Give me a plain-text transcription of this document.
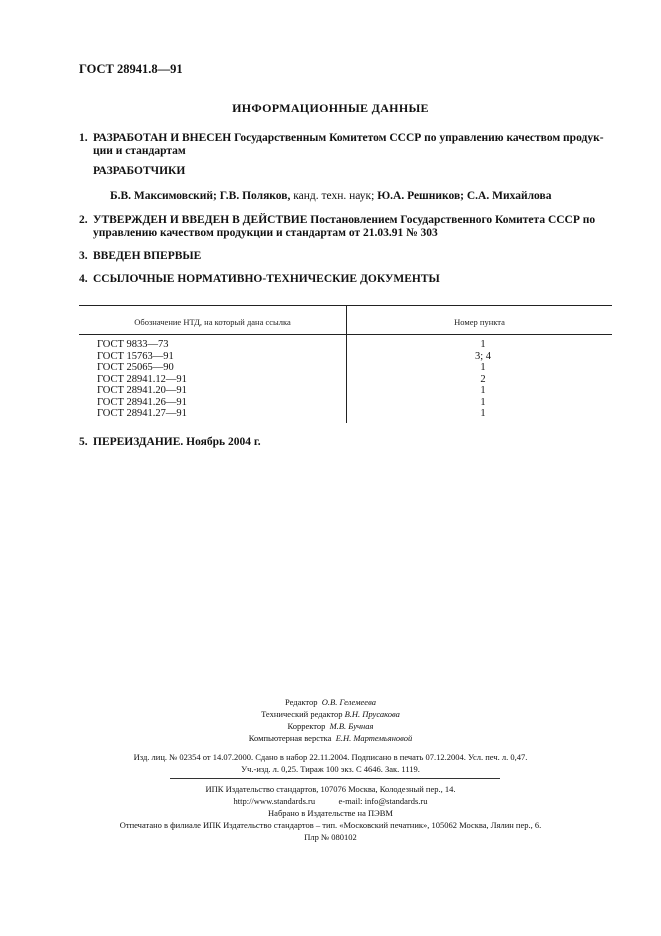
ГОСТ 28941.8—91
ИНФОРМАЦИОННЫЕ ДАННЫЕ
1. РАЗРАБОТАН И ВНЕСЕН Государственным Комитетом СССР по управлению качеством продук-
ции и стандартам
РАЗРАБОТЧИКИ
Б.В. Максимовский; Г.В. Поляков, канд. техн. наук; Ю.А. Решников; С.А. Михайлова
2. УТВЕРЖДЕН И ВВЕДЕН В ДЕЙСТВИЕ Постановлением Государственного Комитета СССР по
управлению качеством продукции и стандартам от 21.03.91 № 303
3. ВВЕДЕН ВПЕРВЫЕ
4. ССЫЛОЧНЫЕ НОРМАТИВНО-ТЕХНИЧЕСКИЕ ДОКУМЕНТЫ
Обозначение НТД, на который дана ссылка	Номер пункта
ГОСТ 9833—73
ГОСТ 15763—91
ГОСТ 25065—90
ГОСТ 28941.12—91
ГОСТ 28941.20—91
ГОСТ 28941.26—91
ГОСТ 28941.27—91
1
3; 4
1
2
1
1
1
5. ПЕРЕИЗДАНИЕ. Ноябрь 2004 г.
Редактор О.В. Гелемеева
Технический редактор В.Н. Прусакова
Корректор М.В. Бучная
Компьютерная верстка Е.Н. Мартемьяновой
Изд. лиц. № 02354 от 14.07.2000. Сдано в набор 22.11.2004. Подписано в печать 07.12.2004. Усл. печ. л. 0,47.
Уч.-изд. л. 0,25. Тираж 100 экз. С 4646. Зак. 1119.
ИПК Издательство стандартов, 107076 Москва, Колодезный пер., 14.
http://www.standards.ru	e-mail: info@standards.ru
Набрано в Издательстве на ПЭВМ
Отпечатано в филиале ИПК Издательство стандартов – тип. «Московский печатник», 105062 Москва, Лялин пер., 6.
Плр № 080102
